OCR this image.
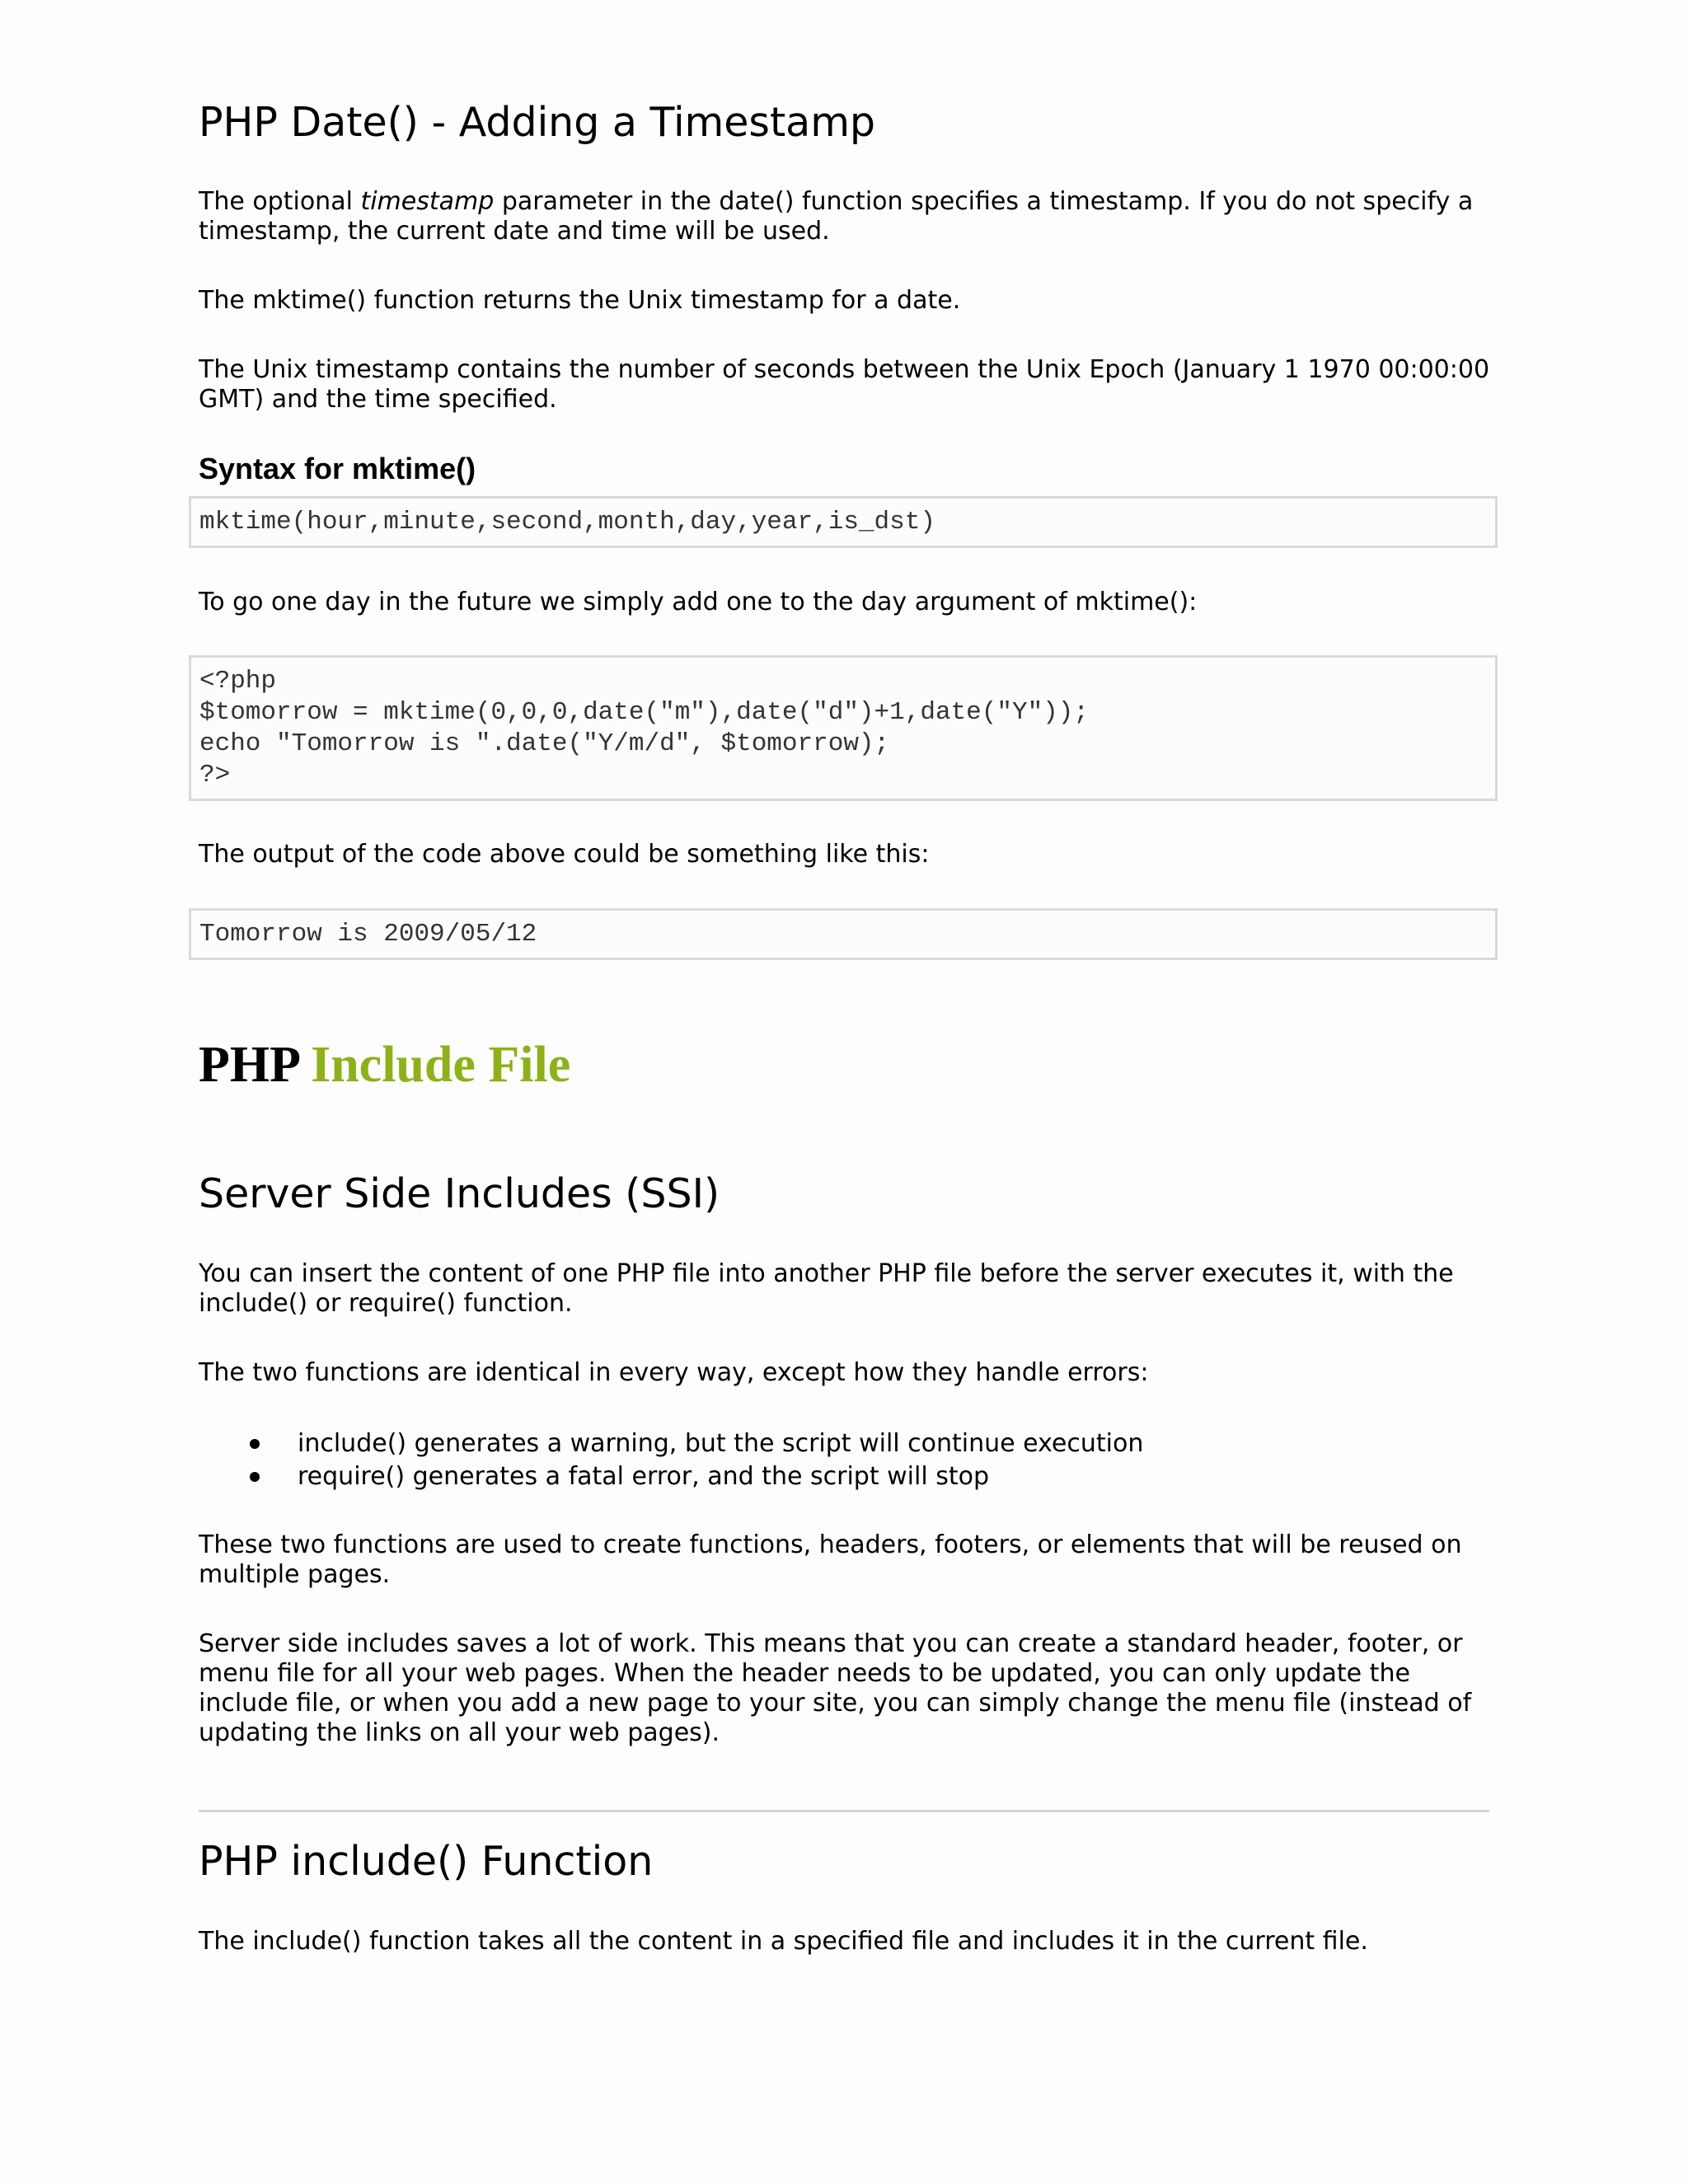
PHP Date() - Adding a Timestamp

The optional timestamp parameter in the date() function specifies a timestamp. If you do not specify a timestamp, the current date and time will be used.

The mktime() function returns the Unix timestamp for a date.

The Unix timestamp contains the number of seconds between the Unix Epoch (January 1 1970 00:00:00 GMT) and the time specified.

Syntax for mktime()
mktime(hour,minute,second,month,day,year,is_dst)

To go one day in the future we simply add one to the day argument of mktime():

<?php
$tomorrow = mktime(0,0,0,date("m"),date("d")+1,date("Y"));
echo "Tomorrow is ".date("Y/m/d", $tomorrow);
?>

The output of the code above could be something like this:

Tomorrow is 2009/05/12
PHP Include File
Server Side Includes (SSI)

You can insert the content of one PHP file into another PHP file before the server executes it, with the include() or require() function.

The two functions are identical in every way, except how they handle errors:

include() generates a warning, but the script will continue execution
require() generates a fatal error, and the script will stop

These two functions are used to create functions, headers, footers, or elements that will be reused on multiple pages.

Server side includes saves a lot of work. This means that you can create a standard header, footer, or menu file for all your web pages. When the header needs to be updated, you can only update the include file, or when you add a new page to your site, you can simply change the menu file (instead of updating the links on all your web pages).

PHP include() Function

The include() function takes all the content in a specified file and includes it in the current file.
